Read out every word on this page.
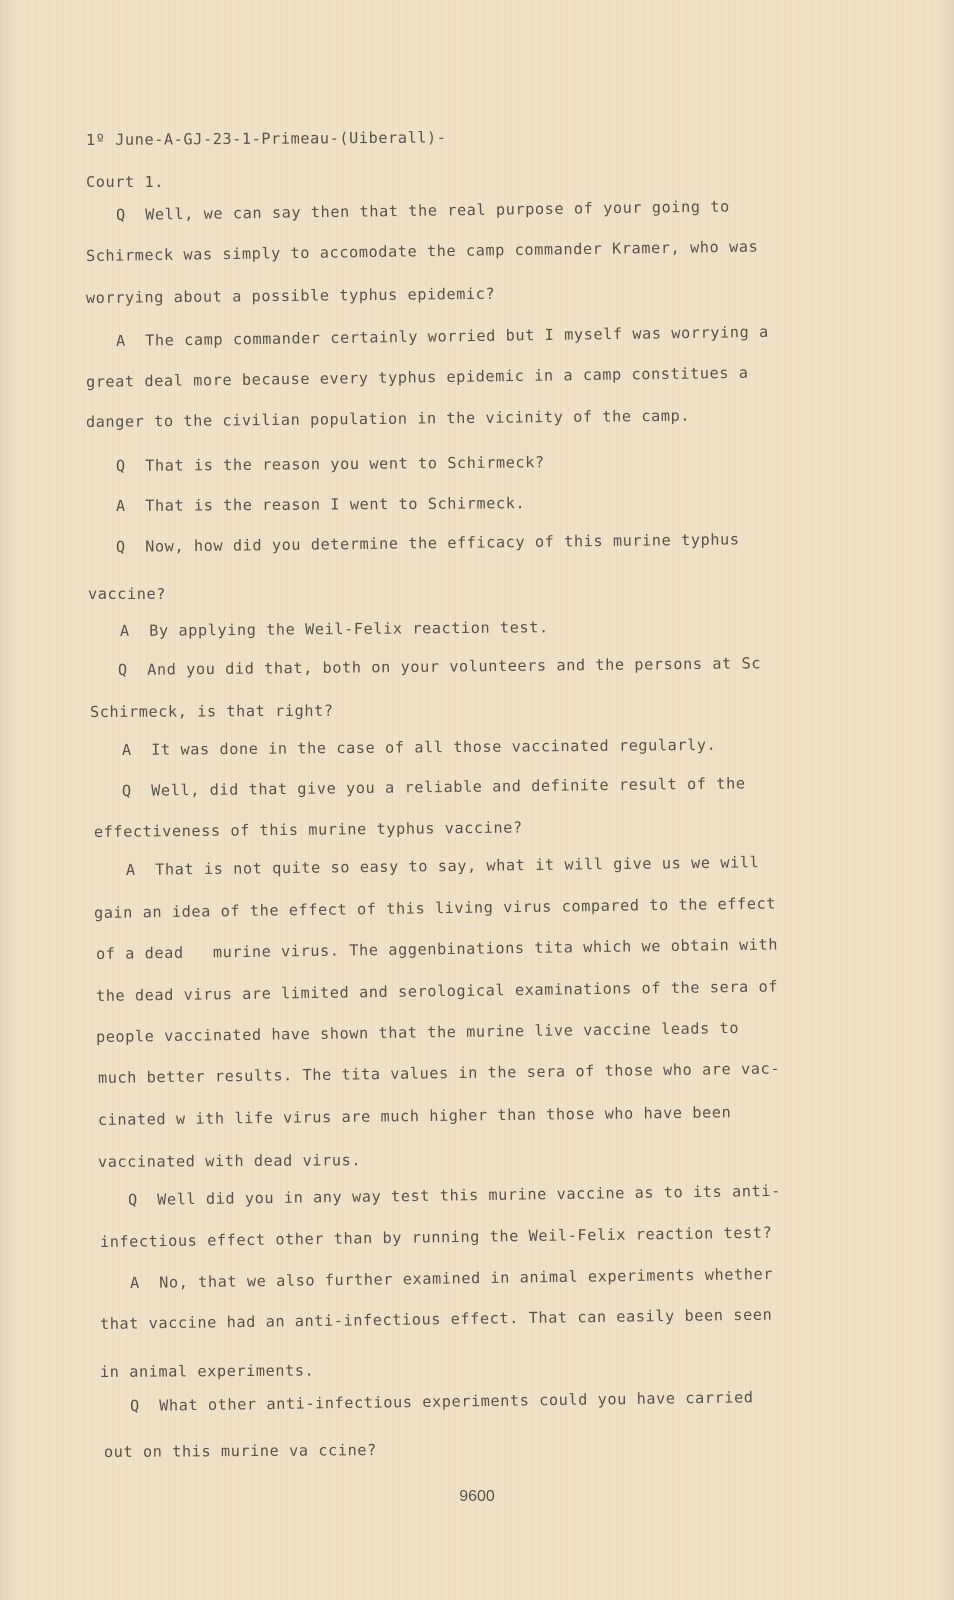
1º June-A-GJ-23-1-Primeau-(Uiberall)-
Court 1.
Q  Well, we can say then that the real purpose of your going to
Schirmeck was simply to accomodate the camp commander Kramer, who was
worrying about a possible typhus epidemic?
A  The camp commander certainly worried but I myself was worrying a
great deal more because every typhus epidemic in a camp constitues a
danger to the civilian population in the vicinity of the camp.
Q  That is the reason you went to Schirmeck?
A  That is the reason I went to Schirmeck.
Q  Now, how did you determine the efficacy of this murine typhus
vaccine?
A  By applying the Weil-Felix reaction test.
Q  And you did that, both on your volunteers and the persons at Sc
Schirmeck, is that right?
A  It was done in the case of all those vaccinated regularly.
Q  Well, did that give you a reliable and definite result of the
effectiveness of this murine typhus vaccine?
A  That is not quite so easy to say, what it will give us we will
gain an idea of the effect of this living virus compared to the effect
of a dead   murine virus. The aggenbinations tita which we obtain with
the dead virus are limited and serological examinations of the sera of
people vaccinated have shown that the murine live vaccine leads to
much better results. The tita values in the sera of those who are vac-
cinated w ith life virus are much higher than those who have been
vaccinated with dead virus.
Q  Well did you in any way test this murine vaccine as to its anti-
infectious effect other than by running the Weil-Felix reaction test?
A  No, that we also further examined in animal experiments whether
that vaccine had an anti-infectious effect. That can easily been seen
in animal experiments.
Q  What other anti-infectious experiments could you have carried
out on this murine va ccine?
9600
